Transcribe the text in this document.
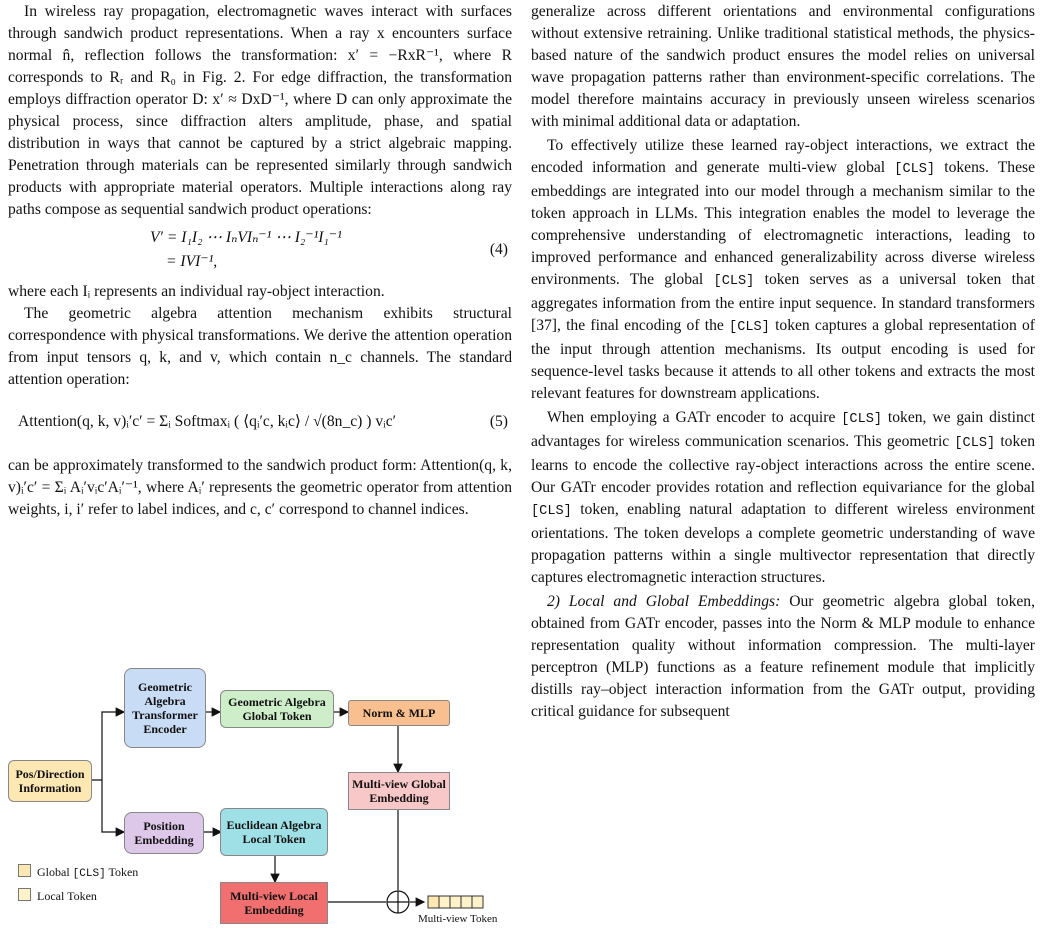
In wireless ray propagation, electromagnetic waves interact with surfaces through sandwich product representations. When a ray x encounters surface normal n̂, reflection follows the transformation: x′ = −RxR⁻¹, where R corresponds to Rᵣ and R₀ in Fig. 2. For edge diffraction, the transformation employs diffraction operator D: x′ ≈ DxD⁻¹, where D can only approximate the physical process, since diffraction alters amplitude, phase, and spatial distribution in ways that cannot be captured by a strict algebraic mapping. Penetration through materials can be represented similarly through sandwich products with appropriate material operators. Multiple interactions along ray paths compose as sequential sandwich product operations:

V′ = I₁I₂ ⋯ IₙVIₙ⁻¹ ⋯ I₂⁻¹I₁⁻¹
= IVI⁻¹,
(4)

where each Iᵢ represents an individual ray-object interaction.

The geometric algebra attention mechanism exhibits structural correspondence with physical transformations. We derive the attention operation from input tensors q, k, and v, which contain n_c channels. The standard attention operation:

Attention(q, k, v)ᵢ′c′ = Σᵢ Softmaxᵢ ( ⟨qᵢ′c, kᵢc⟩ / √(8n_c) ) vᵢc′	(5)

can be approximately transformed to the sandwich product form: Attention(q, k, v)ᵢ′c′ = Σᵢ Aᵢ′vᵢc′Aᵢ′⁻¹, where Aᵢ′ represents the geometric operator from attention weights, i, i′ refer to label indices, and c, c′ correspond to channel indices.

Pos/Direction Information
Geometric Algebra Transformer Encoder
Geometric Algebra Global Token	Norm & MLP
Position Embedding
Euclidean Algebra Local Token
Multi-view Global Embedding
Multi-view Local Embedding
Multi-view Token
Global [CLS] Token
Local Token

generalize across different orientations and environmental configurations without extensive retraining. Unlike traditional statistical methods, the physics-based nature of the sandwich product ensures the model relies on universal wave propagation patterns rather than environment-specific correlations. The model therefore maintains accuracy in previously unseen wireless scenarios with minimal additional data or adaptation.

To effectively utilize these learned ray-object interactions, we extract the encoded information and generate multi-view global [CLS] tokens. These embeddings are integrated into our model through a mechanism similar to the token approach in LLMs. This integration enables the model to leverage the comprehensive understanding of electromagnetic interactions, leading to improved performance and enhanced generalizability across diverse wireless environments. The global [CLS] token serves as a universal token that aggregates information from the entire input sequence. In standard transformers [37], the final encoding of the [CLS] token captures a global representation of the input through attention mechanisms. Its output encoding is used for sequence-level tasks because it attends to all other tokens and extracts the most relevant features for downstream applications.

When employing a GATr encoder to acquire [CLS] token, we gain distinct advantages for wireless communication scenarios. This geometric [CLS] token learns to encode the collective ray-object interactions across the entire scene. Our GATr encoder provides rotation and reflection equivariance for the global [CLS] token, enabling natural adaptation to different wireless environment orientations. The token develops a complete geometric understanding of wave propagation patterns within a single multivector representation that directly captures electromagnetic interaction structures.

2) Local and Global Embeddings: Our geometric algebra global token, obtained from GATr encoder, passes into the Norm & MLP module to enhance representation quality without information compression. The multi-layer perceptron (MLP) functions as a feature refinement module that implicitly distills ray–object interaction information from the GATr output, providing critical guidance for subsequent
